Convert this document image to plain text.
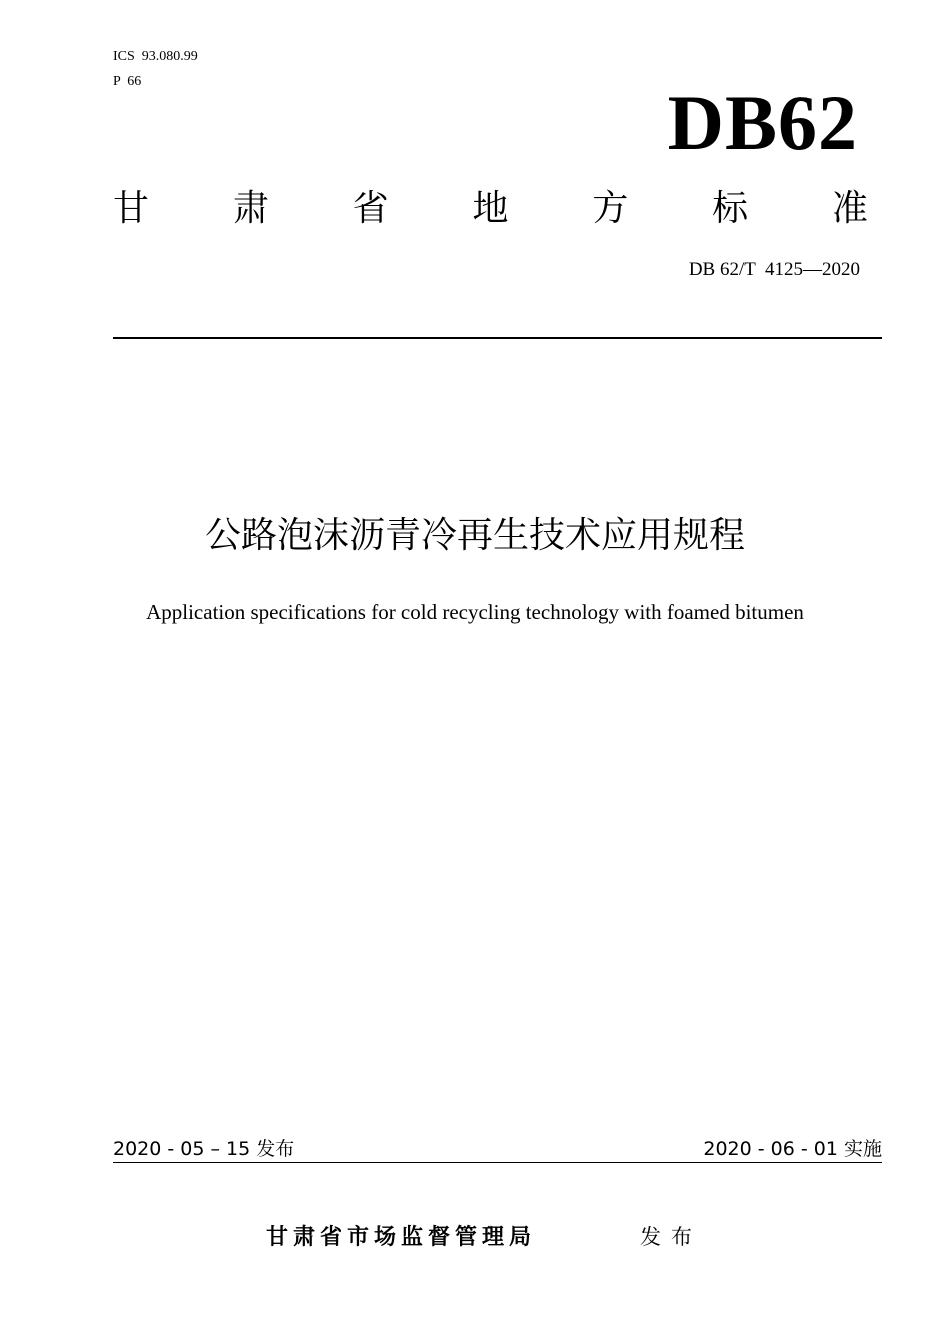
ICS  93.080.99
P  66	DB62
甘 肃 省 地 方 标 准
DB 62/T  4125—2020
公路泡沫沥青冷再生技术应用规程
Application specifications for cold recycling technology with foamed bitumen
2020 - 05 – 15 发布	2020 - 06 - 01 实施
甘肃省市场监督管理局	发布
